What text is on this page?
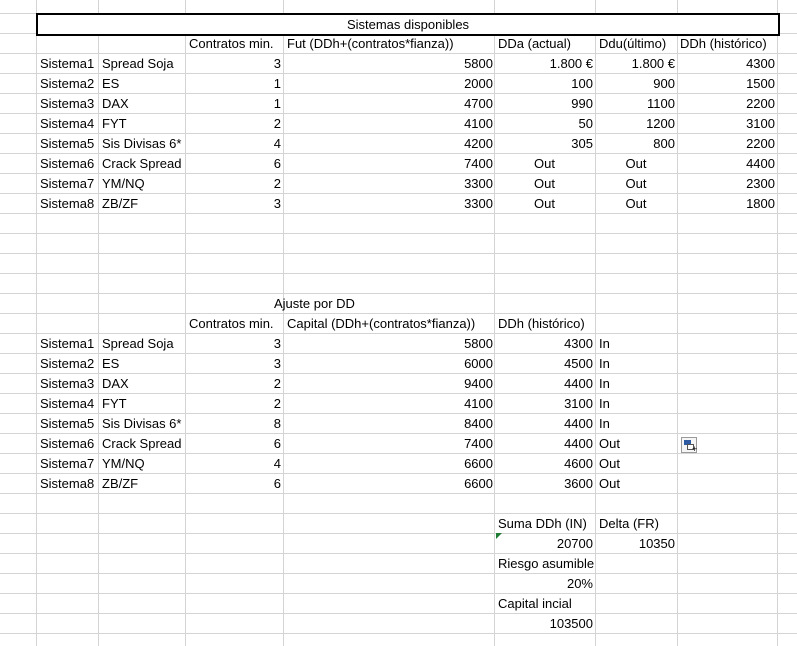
Sistemas disponibles
Contratos min.	Fut (DDh+(contratos*fianza))	DDa (actual)	Ddu(último)	DDh (histórico)
Sistema1 Spread Soja	3	5800	1.800 €	1.800 €	4300
Sistema2 ES	1	2000	100	900	1500
Sistema3 DAX	1	4700	990	1100	2200
Sistema4 FYT	2	4100	50	1200	3100
Sistema5 Sis Divisas 6*	4	4200	305	800	2200
Sistema6 Crack Spread	6	7400	Out	Out	4400
Sistema7 YM/NQ	2	3300	Out	Out	2300
Sistema8 ZB/ZF	3	3300	Out	Out	1800
Ajuste por DD
Contratos min.	Capital (DDh+(contratos*fianza))	DDh (histórico)
Sistema1 Spread Soja	3	5800	4300 In
Sistema2 ES	3	6000	4500 In
Sistema3 DAX	2	9400	4400 In
Sistema4 FYT	2	4100	3100 In
Sistema5 Sis Divisas 6*	8	8400	4400 In
Sistema6 Crack Spread	6	7400	4400 Out
Sistema7 YM/NQ	4	6600	4600 Out
Sistema8 ZB/ZF	6	6600	3600 Out
Suma DDh (IN) Delta (FR)
20700	10350
Riesgo asumible
20%
Capital incial
103500
+
